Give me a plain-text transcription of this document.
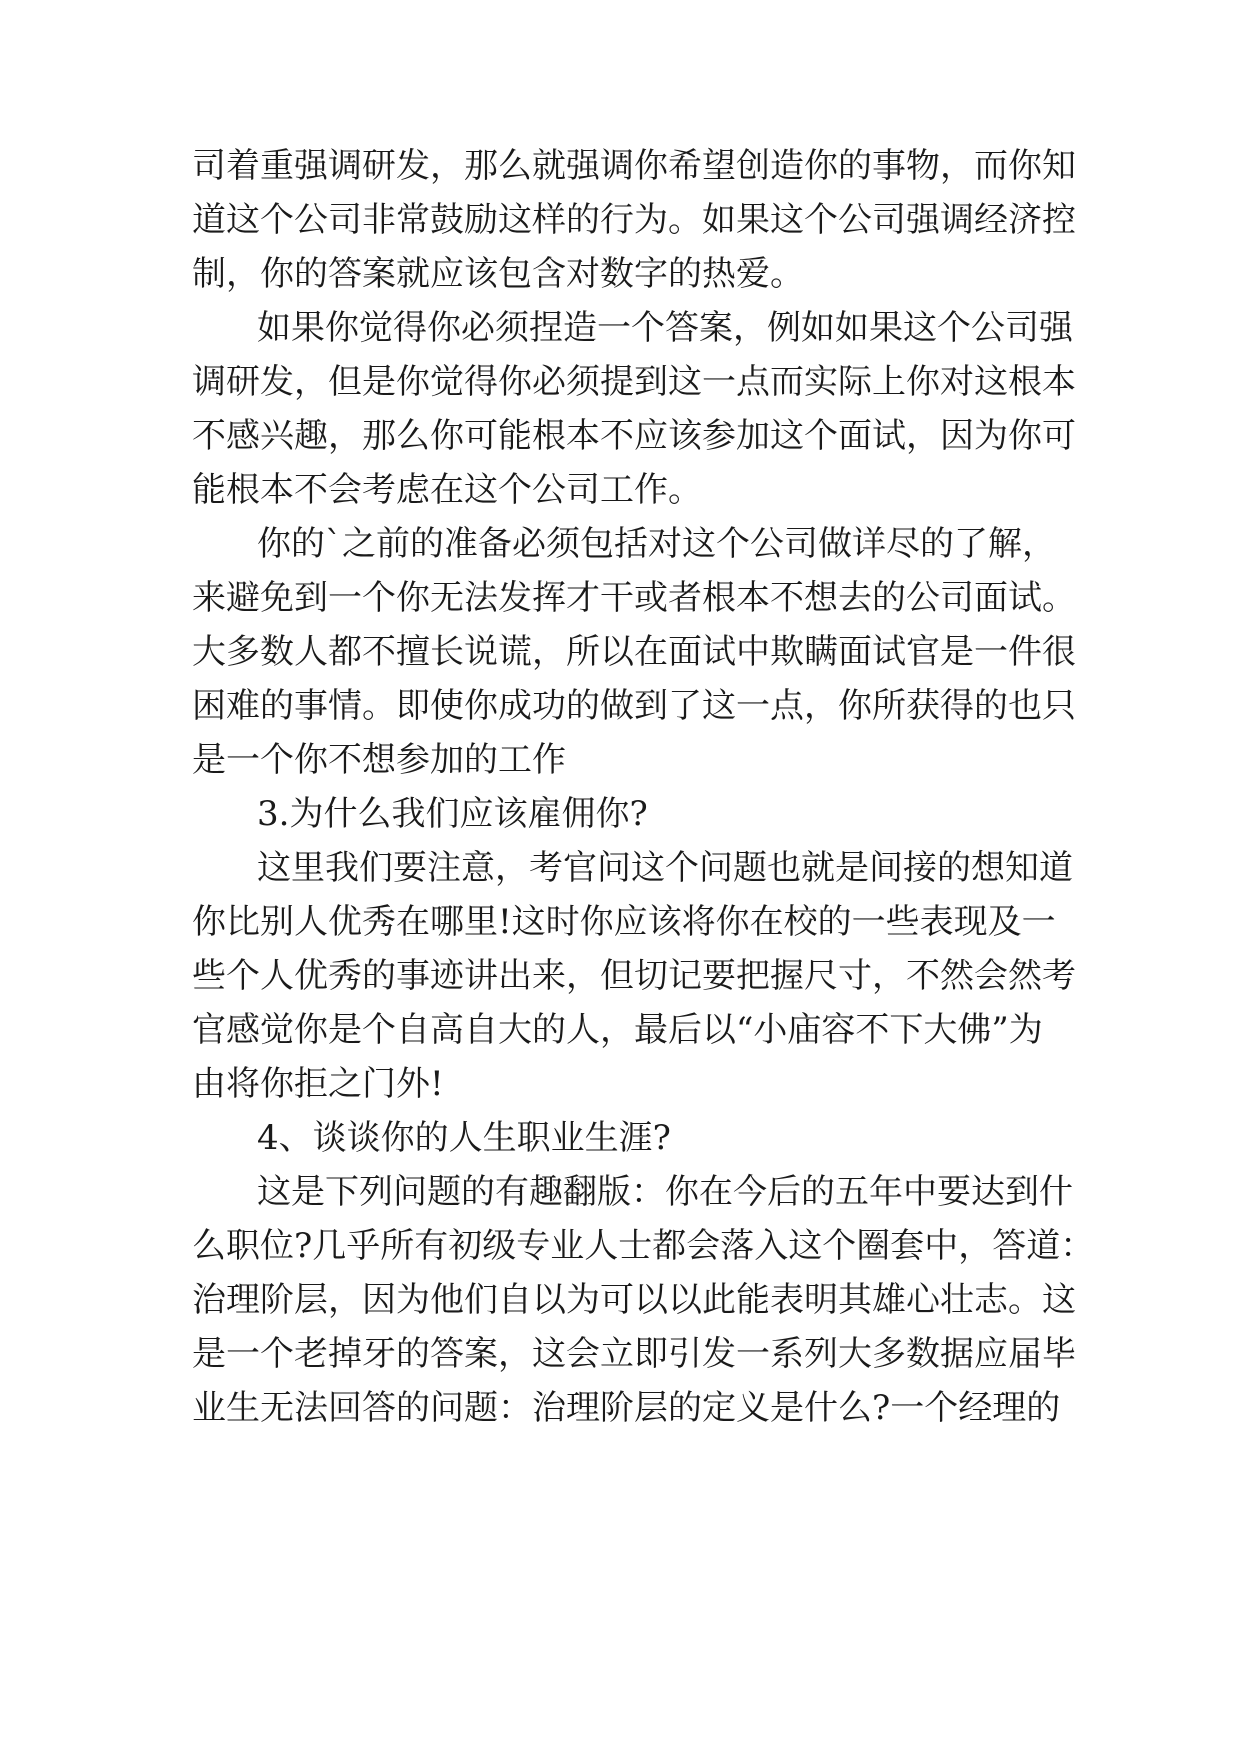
司着重强调研发，那么就强调你希望创造你的事物，而你知
道这个公司非常鼓励这样的行为。如果这个公司强调经济控
制，你的答案就应该包含对数字的热爱。
如果你觉得你必须捏造一个答案，例如如果这个公司强
调研发，但是你觉得你必须提到这一点而实际上你对这根本
不感兴趣，那么你可能根本不应该参加这个面试，因为你可
能根本不会考虑在这个公司工作。
你的`之前的准备必须包括对这个公司做详尽的了解，
来避免到一个你无法发挥才干或者根本不想去的公司面试。
大多数人都不擅长说谎，所以在面试中欺瞒面试官是一件很
困难的事情。即使你成功的做到了这一点，你所获得的也只
是一个你不想参加的工作
3.为什么我们应该雇佣你?
这里我们要注意，考官问这个问题也就是间接的想知道
你比别人优秀在哪里!这时你应该将你在校的一些表现及一
些个人优秀的事迹讲出来，但切记要把握尺寸，不然会然考
官感觉你是个自高自大的人，最后以“小庙容不下大佛”为
由将你拒之门外!
4、谈谈你的人生职业生涯?
这是下列问题的有趣翻版：你在今后的五年中要达到什
么职位?几乎所有初级专业人士都会落入这个圈套中，答道：
治理阶层，因为他们自以为可以以此能表明其雄心壮志。这
是一个老掉牙的答案，这会立即引发一系列大多数据应届毕
业生无法回答的问题：治理阶层的定义是什么?一个经理的
